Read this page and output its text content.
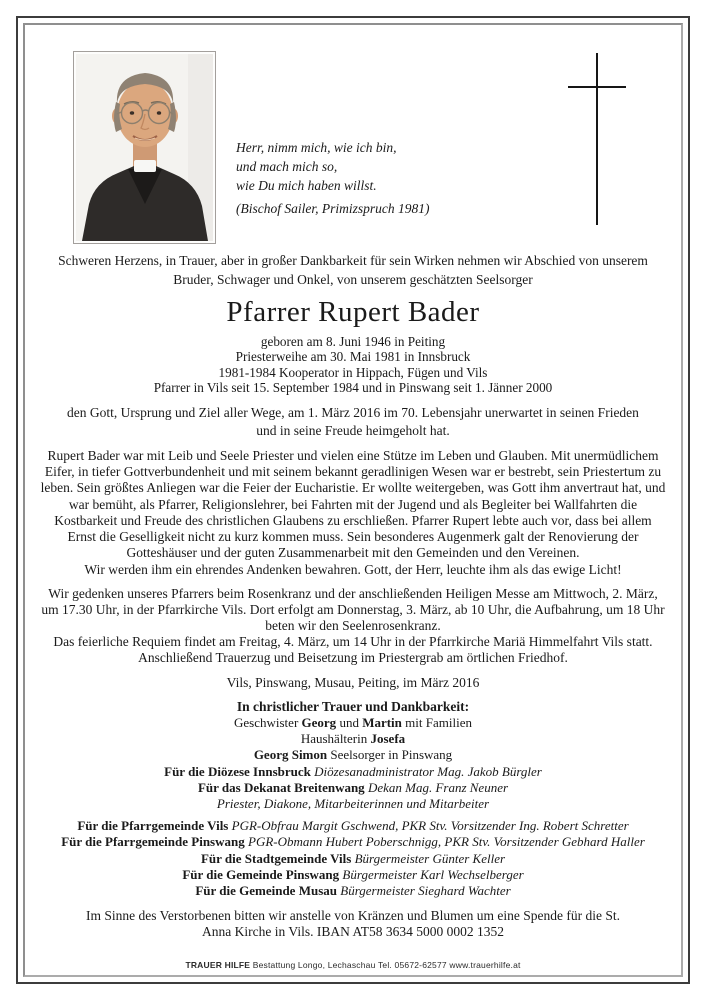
Herr, nimm mich, wie ich bin,
und mach mich so,
wie Du mich haben willst.
(Bischof Sailer, Primizspruch 1981)
Schweren Herzens, in Trauer, aber in großer Dankbarkeit für sein Wirken nehmen wir Abschied von unserem Bruder, Schwager und Onkel, von unserem geschätzten Seelsorger
Pfarrer Rupert Bader
geboren am 8. Juni 1946 in Peiting
Priesterweihe am 30. Mai 1981 in Innsbruck
1981-1984 Kooperator in Hippach, Fügen und Vils
Pfarrer in Vils seit 15. September 1984 und in Pinswang seit 1. Jänner 2000
den Gott, Ursprung und Ziel aller Wege, am 1. März 2016 im 70. Lebensjahr unerwartet in seinen Frieden und in seine Freude heimgeholt hat.
Rupert Bader war mit Leib und Seele Priester und vielen eine Stütze im Leben und Glauben. Mit unermüdlichem Eifer, in tiefer Gottverbundenheit und mit seinem bekannt geradlinigen Wesen war er bestrebt, sein Priestertum zu leben. Sein größtes Anliegen war die Feier der Eucharistie. Er wollte weitergeben, was Gott ihm anvertraut hat, und war bemüht, als Pfarrer, Religionslehrer, bei Fahrten mit der Jugend und als Begleiter bei Wallfahrten die Kostbarkeit und Freude des christlichen Glaubens zu erschließen. Pfarrer Rupert lebte auch vor, dass bei allem Ernst die Geselligkeit nicht zu kurz kommen muss. Sein besonderes Augenmerk galt der Renovierung der Gotteshäuser und der guten Zusammenarbeit mit den Gemeinden und den Vereinen.
Wir werden ihm ein ehrendes Andenken bewahren. Gott, der Herr, leuchte ihm als das ewige Licht!
Wir gedenken unseres Pfarrers beim Rosenkranz und der anschließenden Heiligen Messe am Mittwoch, 2. März, um 17.30 Uhr, in der Pfarrkirche Vils. Dort erfolgt am Donnerstag, 3. März, ab 10 Uhr, die Aufbahrung, um 18 Uhr beten wir den Seelenrosenkranz.
Das feierliche Requiem findet am Freitag, 4. März, um 14 Uhr in der Pfarrkirche Mariä Himmelfahrt Vils statt. Anschließend Trauerzug und Beisetzung im Priestergrab am örtlichen Friedhof.
Vils, Pinswang, Musau, Peiting, im März 2016
In christlicher Trauer und Dankbarkeit:
Geschwister Georg und Martin mit Familien
Haushälterin Josefa
Georg Simon Seelsorger in Pinswang
Für die Diözese Innsbruck Diözesanadministrator Mag. Jakob Bürgler
Für das Dekanat Breitenwang Dekan Mag. Franz Neuner
Priester, Diakone, Mitarbeiterinnen und Mitarbeiter
Für die Pfarrgemeinde Vils PGR-Obfrau Margit Gschwend, PKR Stv. Vorsitzender Ing. Robert Schretter
Für die Pfarrgemeinde Pinswang PGR-Obmann Hubert Poberschnigg, PKR Stv. Vorsitzender Gebhard Haller
Für die Stadtgemeinde Vils Bürgermeister Günter Keller
Für die Gemeinde Pinswang Bürgermeister Karl Wechselberger
Für die Gemeinde Musau Bürgermeister Sieghard Wachter
Im Sinne des Verstorbenen bitten wir anstelle von Kränzen und Blumen um eine Spende für die St. Anna Kirche in Vils. IBAN AT58 3634 5000 0002 1352
TRAUER HILFE Bestattung Longo, Lechaschau Tel. 05672-62577 www.trauerhilfe.at
